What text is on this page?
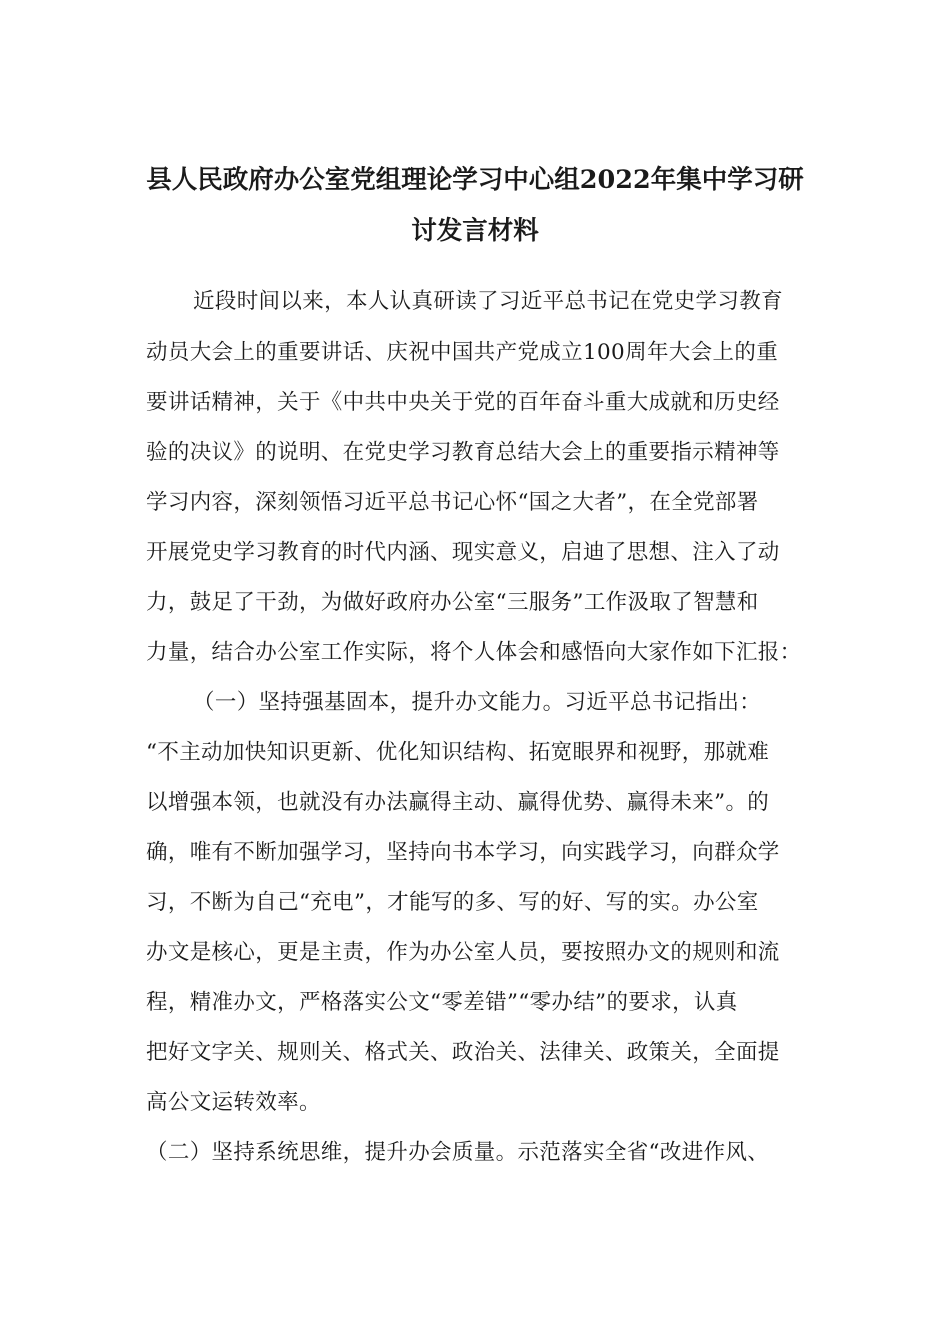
县人民政府办公室党组理论学习中心组2022年集中学习研
讨发言材料
近段时间以来，本人认真研读了习近平总书记在党史学习教育
动员大会上的重要讲话、庆祝中国共产党成立100周年大会上的重
要讲话精神，关于《中共中央关于党的百年奋斗重大成就和历史经
验的决议》的说明、在党史学习教育总结大会上的重要指示精神等
学习内容，深刻领悟习近平总书记心怀“国之大者”，在全党部署
开展党史学习教育的时代内涵、现实意义，启迪了思想、注入了动
力，鼓足了干劲，为做好政府办公室“三服务”工作汲取了智慧和
力量，结合办公室工作实际，将个人体会和感悟向大家作如下汇报：
（一）坚持强基固本，提升办文能力。习近平总书记指出：
“不主动加快知识更新、优化知识结构、拓宽眼界和视野，那就难
以增强本领，也就没有办法赢得主动、赢得优势、赢得未来”。的
确，唯有不断加强学习，坚持向书本学习，向实践学习，向群众学
习，不断为自己“充电”，才能写的多、写的好、写的实。办公室
办文是核心，更是主责，作为办公室人员，要按照办文的规则和流
程，精准办文，严格落实公文“零差错”“零办结”的要求，认真
把好文字关、规则关、格式关、政治关、法律关、政策关，全面提
高公文运转效率。
（二）坚持系统思维，提升办会质量。示范落实全省“改进作风、
